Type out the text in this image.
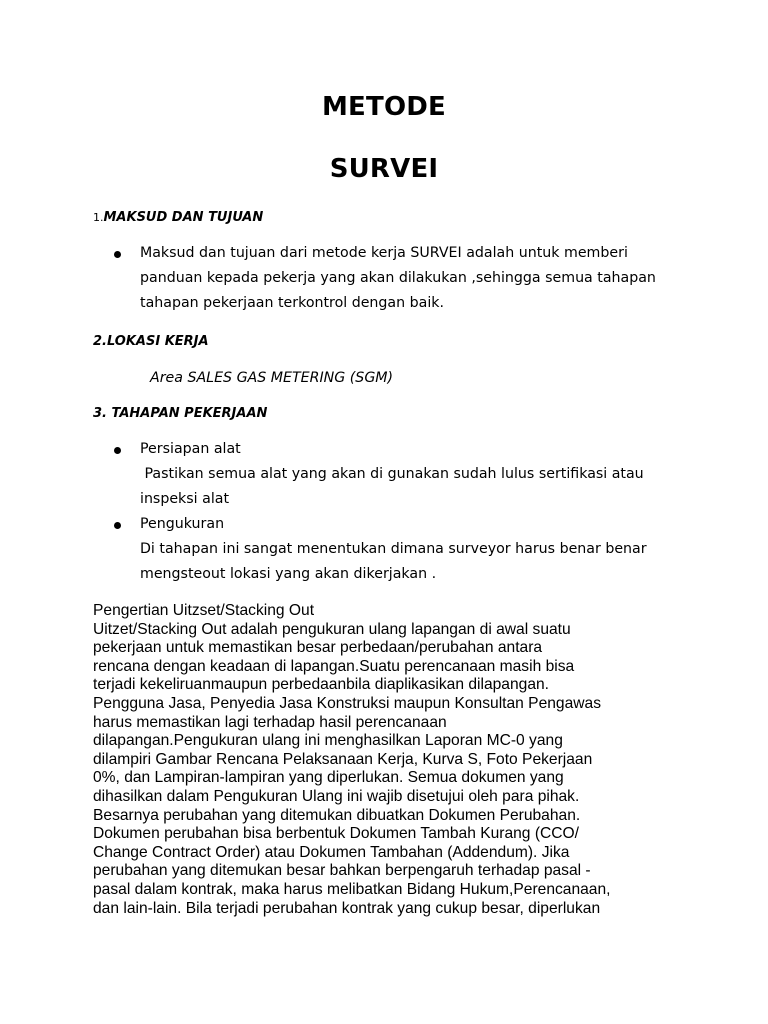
METODE
SURVEI
1.MAKSUD DAN TUJUAN
Maksud dan tujuan dari metode kerja SURVEI adalah untuk memberi
panduan kepada pekerja yang akan dilakukan ,sehingga semua tahapan
tahapan pekerjaan terkontrol dengan baik.
2.LOKASI KERJA
Area SALES GAS METERING (SGM)
3. TAHAPAN PEKERJAAN
Persiapan alat
Pastikan semua alat yang akan di gunakan sudah lulus sertifikasi atau
inspeksi alat
Pengukuran
Di tahapan ini sangat menentukan dimana surveyor harus benar benar
mengsteout lokasi yang akan dikerjakan .

Pengertian Uitzset/Stacking Out

Uitzet/Stacking Out adalah pengukuran ulang lapangan di awal suatu

pekerjaan untuk memastikan besar perbedaan/perubahan antara

rencana dengan keadaan di lapangan.Suatu perencanaan masih bisa

terjadi kekeliruanmaupun perbedaanbila diaplikasikan dilapangan.

Pengguna Jasa, Penyedia Jasa Konstruksi maupun Konsultan Pengawas

harus memastikan lagi terhadap hasil perencanaan

dilapangan.Pengukuran ulang ini menghasilkan Laporan MC-0 yang

dilampiri Gambar Rencana Pelaksanaan Kerja, Kurva S, Foto Pekerjaan

0%, dan Lampiran-lampiran yang diperlukan. Semua dokumen yang

dihasilkan dalam Pengukuran Ulang ini wajib disetujui oleh para pihak.

Besarnya perubahan yang ditemukan dibuatkan Dokumen Perubahan.

Dokumen perubahan bisa berbentuk Dokumen Tambah Kurang (CCO/

Change Contract Order) atau Dokumen Tambahan (Addendum). Jika

perubahan yang ditemukan besar bahkan berpengaruh terhadap pasal -

pasal dalam kontrak, maka harus melibatkan Bidang Hukum,Perencanaan,

dan lain-lain. Bila terjadi perubahan kontrak yang cukup besar, diperlukan
